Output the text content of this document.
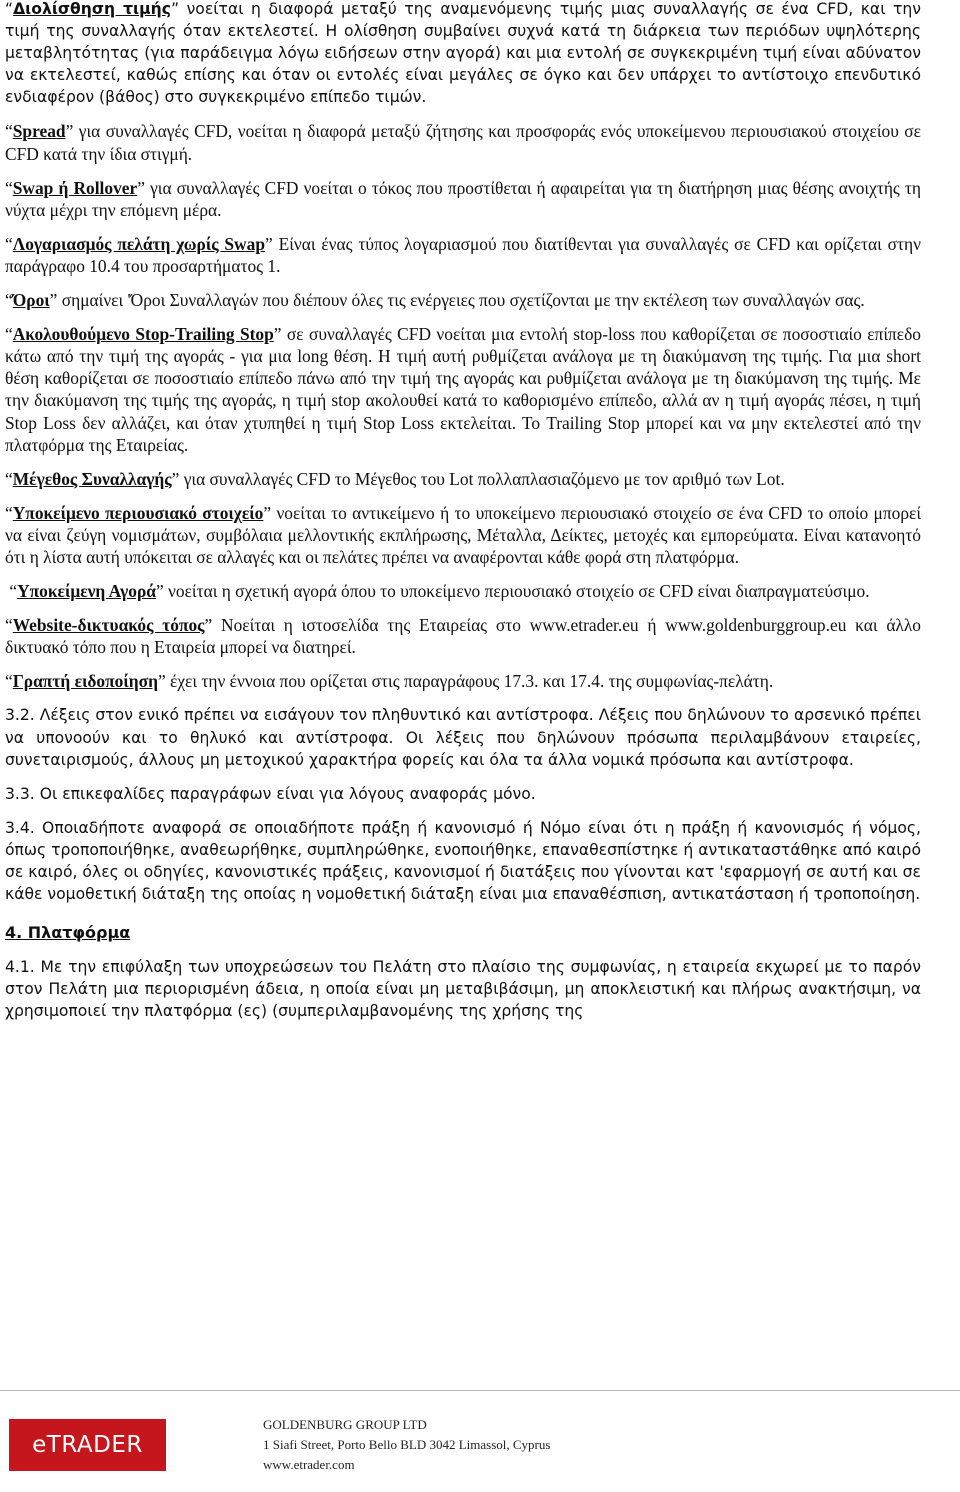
“Διολίσθηση τιμής” νοείται η διαφορά μεταξύ της αναμενόμενης τιμής μιας συναλλαγής σε ένα CFD, και την τιμή της συναλλαγής όταν εκτελεστεί. Η ολίσθηση συμβαίνει συχνά κατά τη διάρκεια των περιόδων υψηλότερης μεταβλητότητας (για παράδειγμα λόγω ειδήσεων στην αγορά) και μια εντολή σε συγκεκριμένη τιμή είναι αδύνατον να εκτελεστεί, καθώς επίσης και όταν οι εντολές είναι μεγάλες σε όγκο και δεν υπάρχει το αντίστοιχο επενδυτικό ενδιαφέρον (βάθος) στο συγκεκριμένο επίπεδο τιμών.

“Spread” για συναλλαγές CFD, νοείται η διαφορά μεταξύ ζήτησης και προσφοράς ενός υποκείμενου περιουσιακού στοιχείου σε CFD κατά την ίδια στιγμή.

“Swap ή Rollover” για συναλλαγές CFD νοείται ο τόκος που προστίθεται ή αφαιρείται για τη διατήρηση μιας θέσης ανοιχτής τη νύχτα μέχρι την επόμενη μέρα.

“Λογαριασμός πελάτη χωρίς Swap” Είναι ένας τύπος λογαριασμού που διατίθενται για συναλλαγές σε CFD και ορίζεται στην παράγραφο 10.4 του προσαρτήματος 1.

“Όροι” σημαίνει 'Όροι Συναλλαγών που διέπουν όλες τις ενέργειες που σχετίζονται με την εκτέλεση των συναλλαγών σας.

“Ακολουθούμενο Stop-Trailing Stop” σε συναλλαγές CFD νοείται μια εντολή stop-loss που καθορίζεται σε ποσοστιαίο επίπεδο κάτω από την τιμή της αγοράς - για μια long θέση. Η τιμή αυτή ρυθμίζεται ανάλογα με τη διακύμανση της τιμής. Για μια short θέση καθορίζεται σε ποσοστιαίο επίπεδο πάνω από την τιμή της αγοράς και ρυθμίζεται ανάλογα με τη διακύμανση της τιμής. Με την διακύμανση της τιμής της αγοράς, η τιμή stop ακολουθεί κατά το καθορισμένο επίπεδο, αλλά αν η τιμή αγοράς πέσει, η τιμή Stop Loss δεν αλλάζει, και όταν χτυπηθεί η τιμή Stop Loss εκτελείται. Το Trailing Stop μπορεί και να μην εκτελεστεί από την πλατφόρμα της Εταιρείας.

“Μέγεθος Συναλλαγής” για συναλλαγές CFD το Μέγεθος του Lot πολλαπλασιαζόμενο με τον αριθμό των Lot.

“Υποκείμενο περιουσιακό στοιχείο” νοείται το αντικείμενο ή το υποκείμενο περιουσιακό στοιχείο σε ένα CFD το οποίο μπορεί να είναι ζεύγη νομισμάτων, συμβόλαια μελλοντικής εκπλήρωσης, Μέταλλα, Δείκτες, μετοχές και εμπορεύματα. Είναι κατανοητό ότι η λίστα αυτή υπόκειται σε αλλαγές και οι πελάτες πρέπει να αναφέρονται κάθε φορά στη πλατφόρμα.

“Υποκείμενη Αγορά” νοείται η σχετική αγορά όπου το υποκείμενο περιουσιακό στοιχείο σε CFD είναι διαπραγματεύσιμο.

“Website-δικτυακός τόπος” Νοείται η ιστοσελίδα της Εταιρείας στο www.etrader.eu ή www.goldenburggroup.eu και άλλο δικτυακό τόπο που η Εταιρεία μπορεί να διατηρεί.

“Γραπτή ειδοποίηση” έχει την έννοια που ορίζεται στις παραγράφους 17.3. και 17.4. της συμφωνίας-πελάτη.

3.2. Λέξεις στον ενικό πρέπει να εισάγουν τον πληθυντικό και αντίστροφα. Λέξεις που δηλώνουν το αρσενικό πρέπει να υπονοούν και το θηλυκό και αντίστροφα. Οι λέξεις που δηλώνουν πρόσωπα περιλαμβάνουν εταιρείες, συνεταιρισμούς, άλλους μη μετοχικού χαρακτήρα φορείς και όλα τα άλλα νομικά πρόσωπα και αντίστροφα.

3.3. Οι επικεφαλίδες παραγράφων είναι για λόγους αναφοράς μόνο.

3.4. Οποιαδήποτε αναφορά σε οποιαδήποτε πράξη ή κανονισμό ή Νόμο είναι ότι η πράξη ή κανονισμός ή νόμος, όπως τροποποιήθηκε, αναθεωρήθηκε, συμπληρώθηκε, ενοποιήθηκε, επαναθεσπίστηκε ή αντικαταστάθηκε από καιρό σε καιρό, όλες οι οδηγίες, κανονιστικές πράξεις, κανονισμοί ή διατάξεις που γίνονται κατ 'εφαρμογή σε αυτή και σε κάθε νομοθετική διάταξη της οποίας η νομοθετική διάταξη είναι μια επαναθέσπιση, αντικατάσταση ή τροποποίηση.

4. Πλατφόρμα

4.1. Με την επιφύλαξη των υποχρεώσεων του Πελάτη στο πλαίσιο της συμφωνίας, η εταιρεία εκχωρεί με το παρόν στον Πελάτη μια περιορισμένη άδεια, η οποία είναι μη μεταβιβάσιμη, μη αποκλειστική και πλήρως ανακτήσιμη, να χρησιμοποιεί την πλατφόρμα (ες) (συμπεριλαμβανομένης της χρήσης της

eTRADER
GOLDENBURG GROUP LTD
1 Siafi Street, Porto Bello BLD 3042 Limassol, Cyprus
www.etrader.com
